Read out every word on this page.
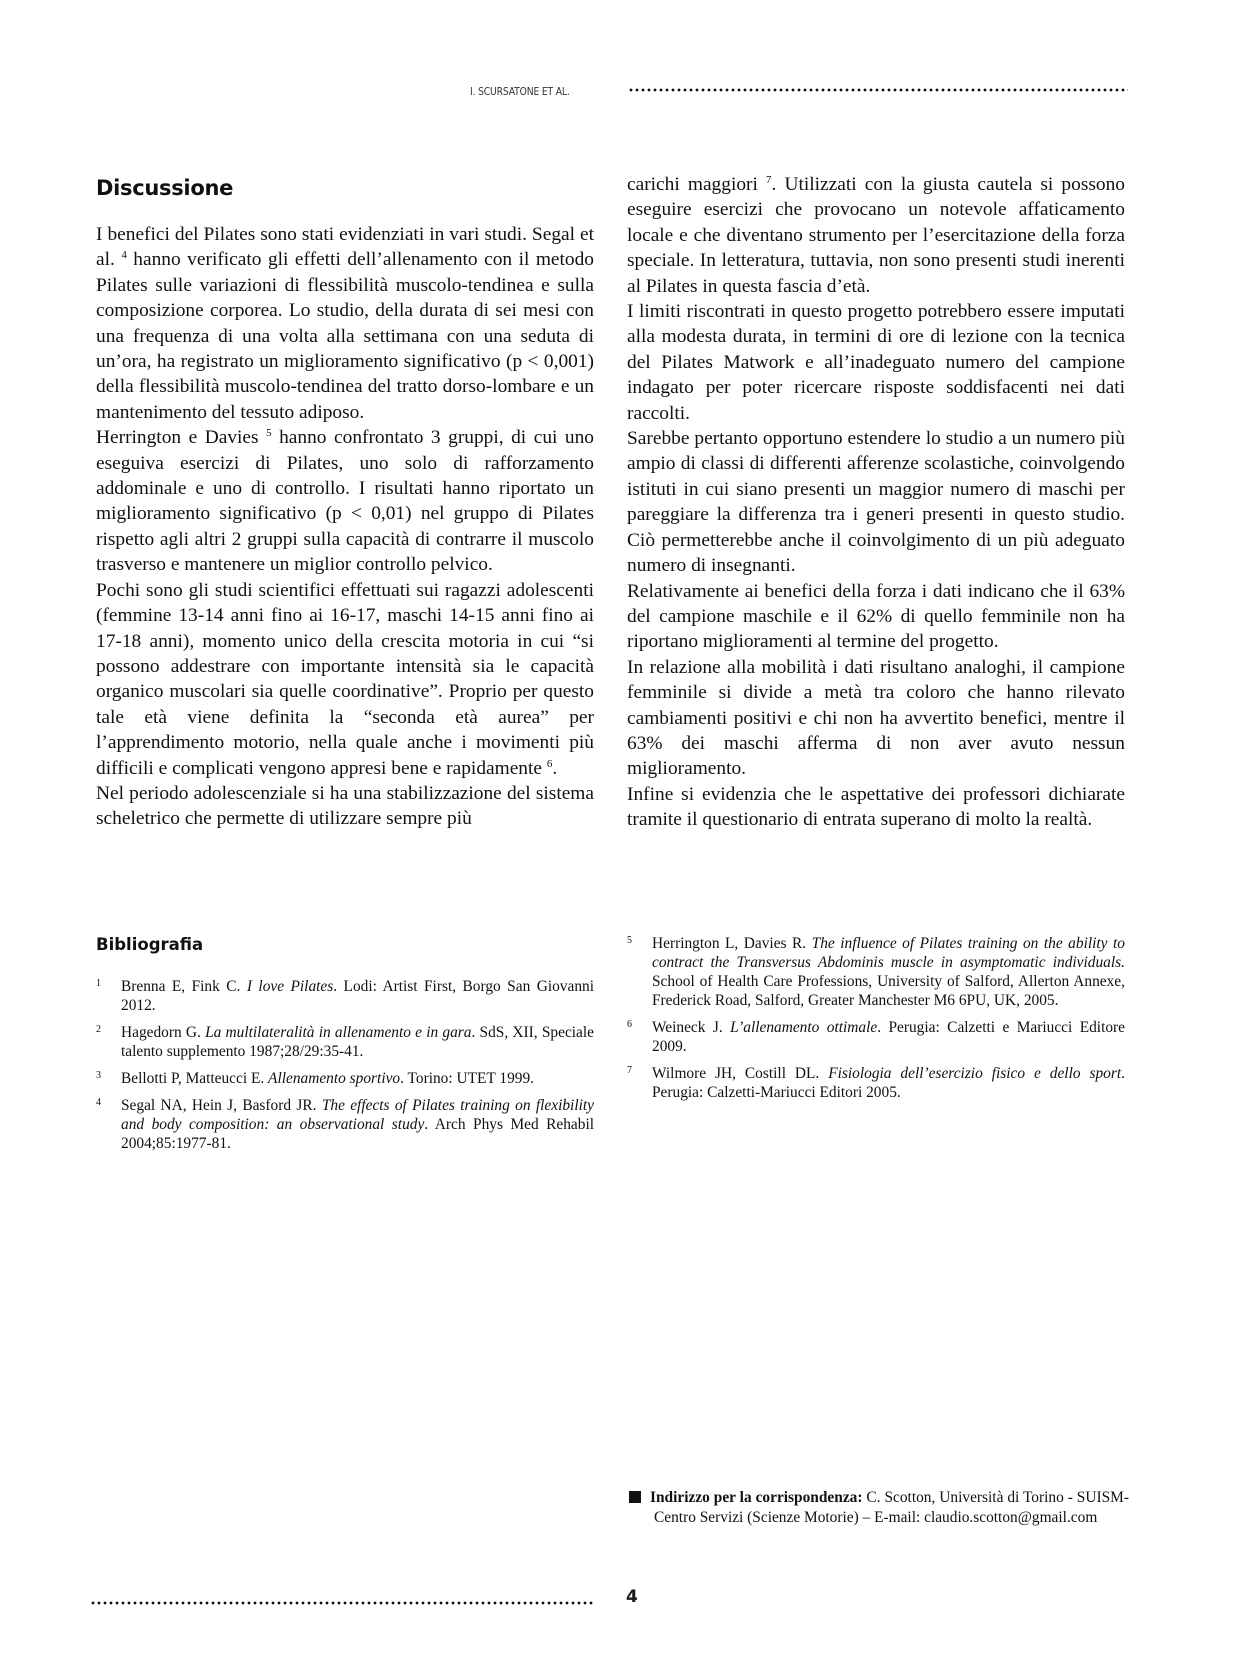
I. SCURSATONE ET AL.
Discussione

I benefici del Pilates sono stati evidenziati in vari studi. Segal et al. $^4$ hanno verificato gli effetti dell’allenamento con il metodo Pilates sulle variazioni di flessibilità muscolo-tendinea e sulla composizione corporea. Lo studio, della durata di sei mesi con una frequenza di una volta alla settimana con una seduta di un’ora, ha registrato un miglioramento significativo (p < 0,001) della flessibilità muscolo-tendinea del tratto dorso-lombare e un mantenimento del tessuto adiposo.

Herrington e Davies $^5$ hanno confrontato 3 gruppi, di cui uno eseguiva esercizi di Pilates, uno solo di rafforzamento addominale e uno di controllo. I risultati hanno riportato un miglioramento significativo (p < 0,01) nel gruppo di Pilates rispetto agli altri 2 gruppi sulla capacità di contrarre il muscolo trasverso e mantenere un miglior controllo pelvico.

Pochi sono gli studi scientifici effettuati sui ragazzi adolescenti (femmine 13-14 anni fino ai 16-17, maschi 14-15 anni fino ai 17-18 anni), momento unico della crescita motoria in cui “si possono addestrare con importante intensità sia le capacità organico muscolari sia quelle coordinative”. Proprio per questo tale età viene definita la “seconda età aurea” per l’apprendimento motorio, nella quale anche i movimenti più difficili e complicati vengono appresi bene e rapidamente $^6$.

Nel periodo adolescenziale si ha una stabilizzazione del sistema scheletrico che permette di utilizzare sempre più

carichi maggiori $^7$. Utilizzati con la giusta cautela si possono eseguire esercizi che provocano un notevole affaticamento locale e che diventano strumento per l’esercitazione della forza speciale. In letteratura, tuttavia, non sono presenti studi inerenti al Pilates in questa fascia d’età.

I limiti riscontrati in questo progetto potrebbero essere imputati alla modesta durata, in termini di ore di lezione con la tecnica del Pilates Matwork e all’inadeguato numero del campione indagato per poter ricercare risposte soddisfacenti nei dati raccolti.

Sarebbe pertanto opportuno estendere lo studio a un numero più ampio di classi di differenti afferenze scolastiche, coinvolgendo istituti in cui siano presenti un maggior numero di maschi per pareggiare la differenza tra i generi presenti in questo studio. Ciò permetterebbe anche il coinvolgimento di un più adeguato numero di insegnanti.

Relativamente ai benefici della forza i dati indicano che il 63% del campione maschile e il 62% di quello femminile non ha riportano miglioramenti al termine del progetto.

In relazione alla mobilità i dati risultano analoghi, il campione femminile si divide a metà tra coloro che hanno rilevato cambiamenti positivi e chi non ha avvertito benefici, mentre il 63% dei maschi afferma di non aver avuto nessun miglioramento.

Infine si evidenzia che le aspettative dei professori dichiarate tramite il questionario di entrata superano di molto la realtà.

Bibliografia
1 Brenna E, Fink C. I love Pilates. Lodi: Artist First, Borgo San Giovanni 2012.
2 Hagedorn G. La multilateralità in allenamento e in gara. SdS, XII, Speciale talento supplemento 1987;28/29:35-41.
3 Bellotti P, Matteucci E. Allenamento sportivo. Torino: UTET 1999.
4 Segal NA, Hein J, Basford JR. The effects of Pilates training on flexibility and body composition: an observational study. Arch Phys Med Rehabil 2004;85:1977-81.
5 Herrington L, Davies R. The influence of Pilates training on the ability to contract the Transversus Abdominis muscle in asymptomatic individuals. School of Health Care Professions, University of Salford, Allerton Annexe, Frederick Road, Salford, Greater Manchester M6 6PU, UK, 2005.
6 Weineck J. L’allenamento ottimale. Perugia: Calzetti e Mariucci Editore 2009.
7 Wilmore JH, Costill DL. Fisiologia dell’esercizio fisico e dello sport. Perugia: Calzetti-Mariucci Editori 2005.
Indirizzo per la corrispondenza: C. Scotton, Università di Torino - SUISM-Centro Servizi (Scienze Motorie) – E-mail: claudio.scotton@gmail.com
4
